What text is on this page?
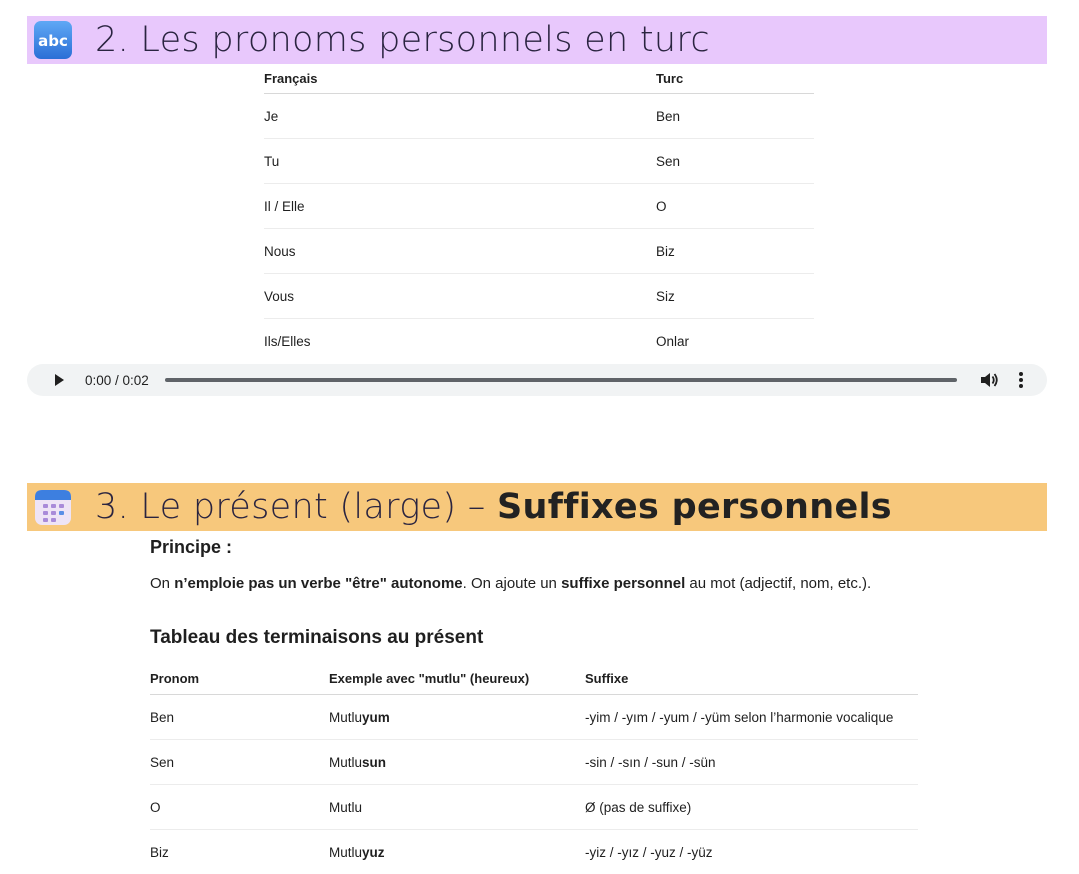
abc 2. Les pronoms personnels en turc
Français	Turc
Je	Ben
Tu	Sen
Il / Elle	O
Nous	Biz
Vous	Siz
Ils/Elles	Onlar
0:00 / 0:02
3. Le présent (large) – Suffixes personnels
Principe :
On n’emploie pas un verbe "être" autonome. On ajoute un suffixe personnel au mot (adjectif, nom, etc.).
Tableau des terminaisons au présent
Pronom	Exemple avec "mutlu" (heureux)	Suffixe
Ben	Mutluyum	-yim / -yım / -yum / -yüm selon l’harmonie vocalique
Sen	Mutlusun	-sin / -sın / -sun / -sün
O	Mutlu	Ø (pas de suffixe)
Biz	Mutluyuz	-yiz / -yız / -yuz / -yüz
